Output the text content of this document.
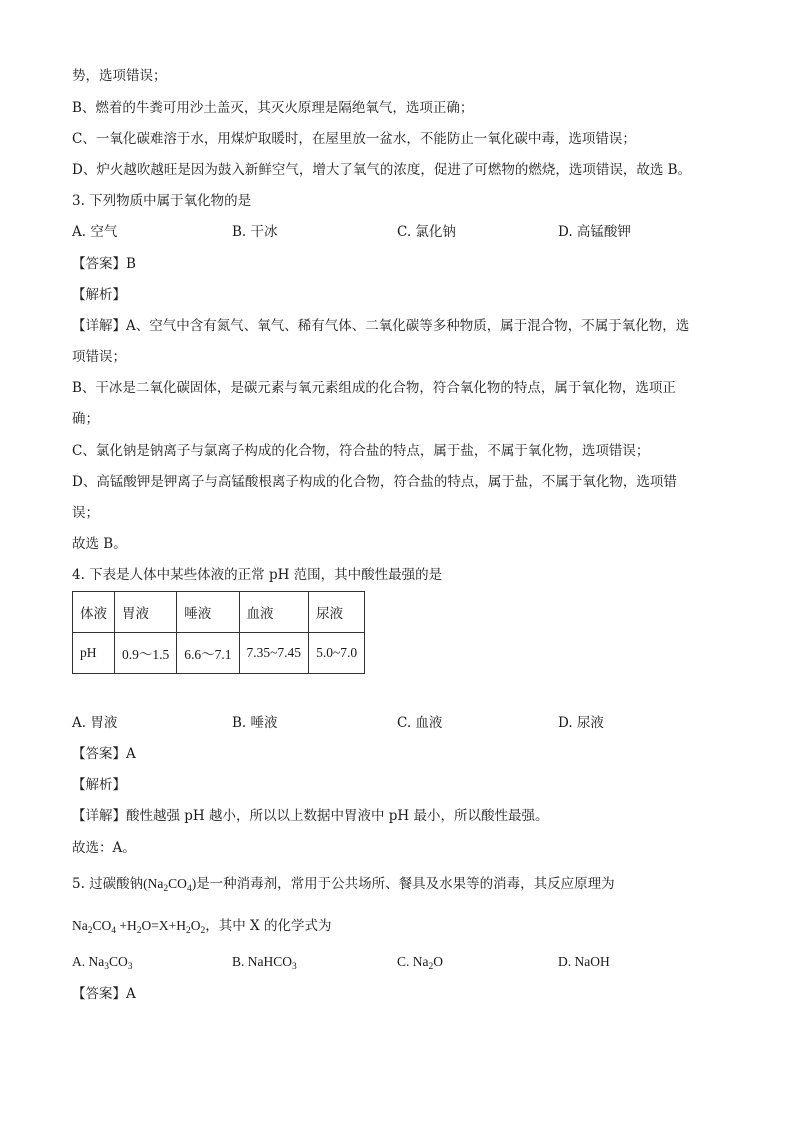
势，选项错误；
B、燃着的牛粪可用沙土盖灭，其灭火原理是隔绝氧气，选项正确；
C、一氧化碳难溶于水，用煤炉取暖时，在屋里放一盆水，不能防止一氧化碳中毒，选项错误；
D、炉火越吹越旺是因为鼓入新鲜空气，增大了氧气的浓度，促进了可燃物的燃烧，选项错误，故选 B。
3. 下列物质中属于氧化物的是
A. 空气	B. 干冰	C. 氯化钠	D. 高锰酸钾
【答案】B
【解析】
【详解】A、空气中含有氮气、氧气、稀有气体、二氧化碳等多种物质，属于混合物，不属于氧化物，选
项错误；
B、干冰是二氧化碳固体，是碳元素与氧元素组成的化合物，符合氧化物的特点，属于氧化物，选项正
确；
C、氯化钠是钠离子与氯离子构成的化合物，符合盐的特点，属于盐，不属于氧化物，选项错误；
D、高锰酸钾是钾离子与高锰酸根离子构成的化合物，符合盐的特点，属于盐，不属于氧化物，选项错
误；
故选 B。
4. 下表是人体中某些体液的正常 pH 范围，其中酸性最强的是
体液	胃液	唾液	血液	尿液
pH	0.9～1.5	6.6～7.1	7.35~7.45	5.0~7.0
A. 胃液	B. 唾液	C. 血液	D. 尿液
【答案】A
【解析】
【详解】酸性越强 pH 越小，所以以上数据中胃液中 pH 最小，所以酸性最强。
故选：A。
5. 过碳酸钠$(Na_2CO_4)$是一种消毒剂，常用于公共场所、餐具及水果等的消毒，其反应原理为
$Na_2CO_4 +H_2O=X+H_2O_2$，其中 X 的化学式为
A. $Na_3CO_3$	B. NaHCO$_3$	C. $Na_2O$	D. NaOH
【答案】A
